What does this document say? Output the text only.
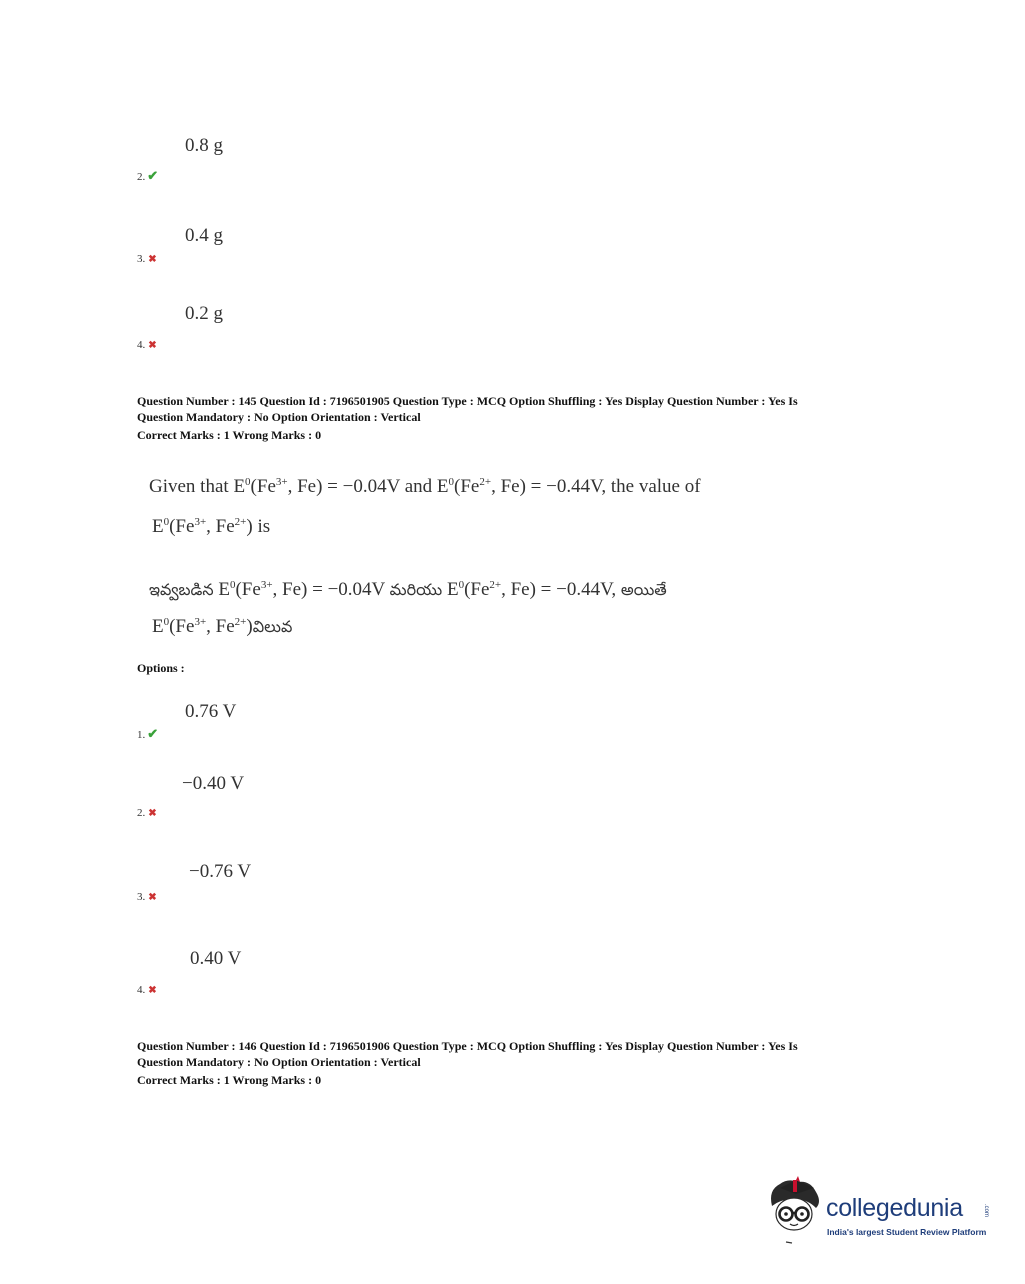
0.8 g
2. ✔
0.4 g
3. ✖
0.2 g
4. ✖
Question Number : 145 Question Id : 7196501905 Question Type : MCQ Option Shuffling : Yes Display Question Number : Yes Is
Question Mandatory : No Option Orientation : Vertical
Correct Marks : 1 Wrong Marks : 0
Given that $E^0(Fe^{3+}$, Fe) = −0.04V and $E^0(Fe^{2+}$, Fe) = −0.44V, the value of
$E^0(Fe^{3+}$, $Fe^{2+}$) is
ఇవ్వబడిన $E^0(Fe^{3+}$, Fe) = −0.04V మరియు $E^0(Fe^{2+}$, Fe) = −0.44V, అయితే
$E^0(Fe^{3+}$, $Fe^{2+})విలువ$
Options :
0.76 V
1. ✔
−0.40 V
2. ✖
−0.76 V
3. ✖
0.40 V
4. ✖
Question Number : 146 Question Id : 7196501906 Question Type : MCQ Option Shuffling : Yes Display Question Number : Yes Is
Question Mandatory : No Option Orientation : Vertical
Correct Marks : 1 Wrong Marks : 0
collegedunia	.com
India's largest Student Review Platform
